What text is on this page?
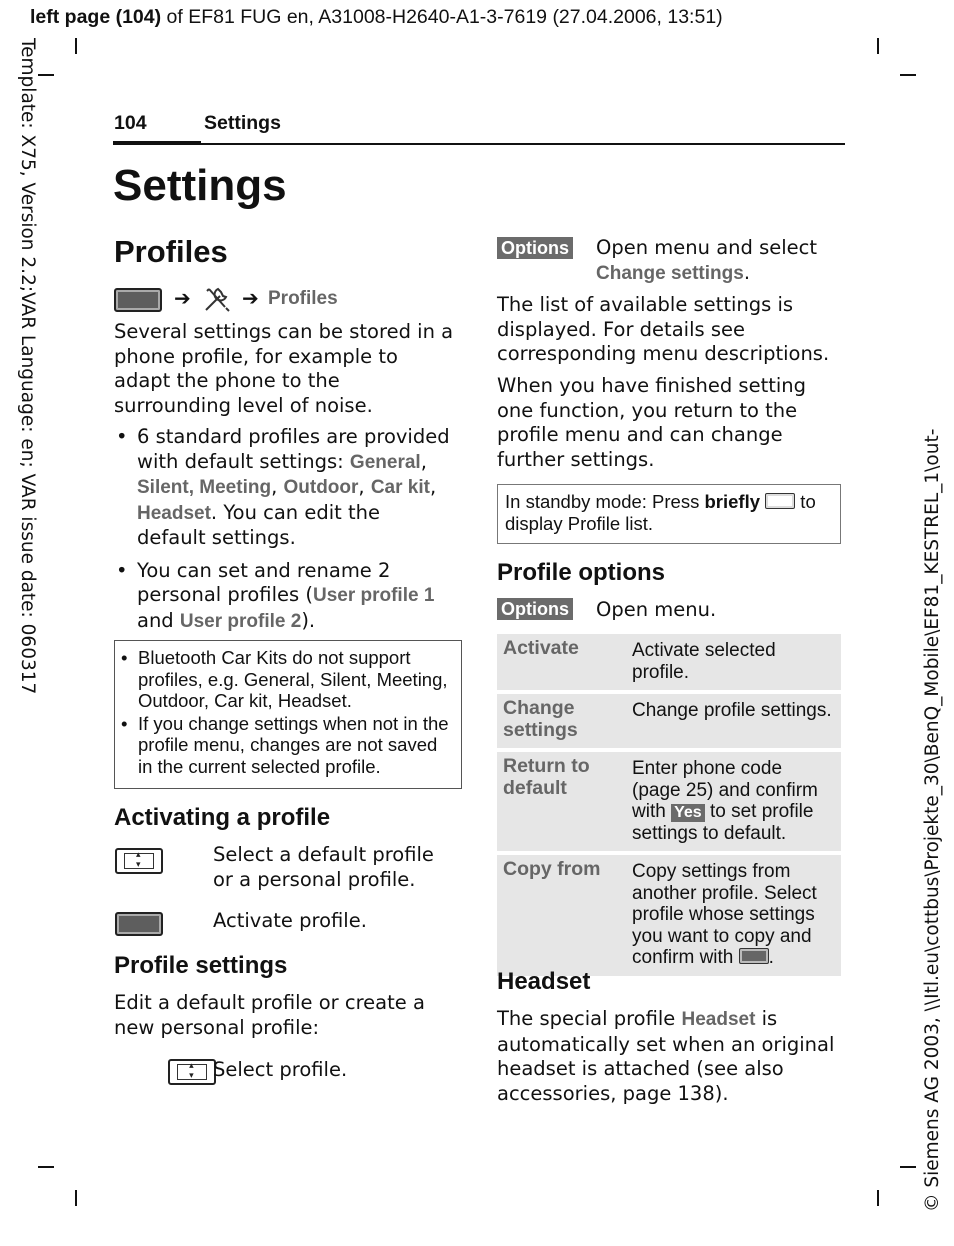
left page (104) of EF81 FUG en, A31008-H2640-A1-3-7619 (27.04.2006, 13:51)
Template: X75, Version 2.2;VAR Language: en; VAR issue date: 060317
© Siemens AG 2003, \\Itl.eu\cottbus\Projekte_30\BenQ_Mobile\EF81_KESTREL_1\out-
104	Settings
Settings
Profiles
➔	➔ Profiles
Several settings can be stored in a phone profile, for example to adapt the phone to the surrounding level of noise.
• 6 standard profiles are provided with default settings: General, Silent, Meeting, Outdoor, Car kit, Headset. You can edit the default settings.
• You can set and rename 2 personal profiles (User profile 1 and User profile 2).
• Bluetooth Car Kits do not support profiles, e.g. General, Silent, Meeting, Outdoor, Car kit, Headset.
• If you change settings when not in the profile menu, changes are not saved in the current selected profile.
Activating a profile
▴ ▾
Select a default profile or a personal profile.
Activate profile.
Profile settings
Edit a default profile or create a new personal profile:
▴ ▾
Select profile.
Options Open menu and select
Change settings.
The list of available settings is displayed. For details see corresponding menu descriptions.
When you have finished setting one function, you return to the profile menu and can change further settings.
In standby mode: Press briefly  to display Profile list.
Profile options
Options Open menu.
Activate	Activate selected profile.
Change settings	Change profile settings.
Return to default	Enter phone code (page 25) and confirm with Yes to set profile settings to default.
Copy from	Copy settings from another profile. Select profile whose settings you want to copy and confirm with .
Headset
The special profile Headset is automatically set when an original headset is attached (see also accessories, page 138).
